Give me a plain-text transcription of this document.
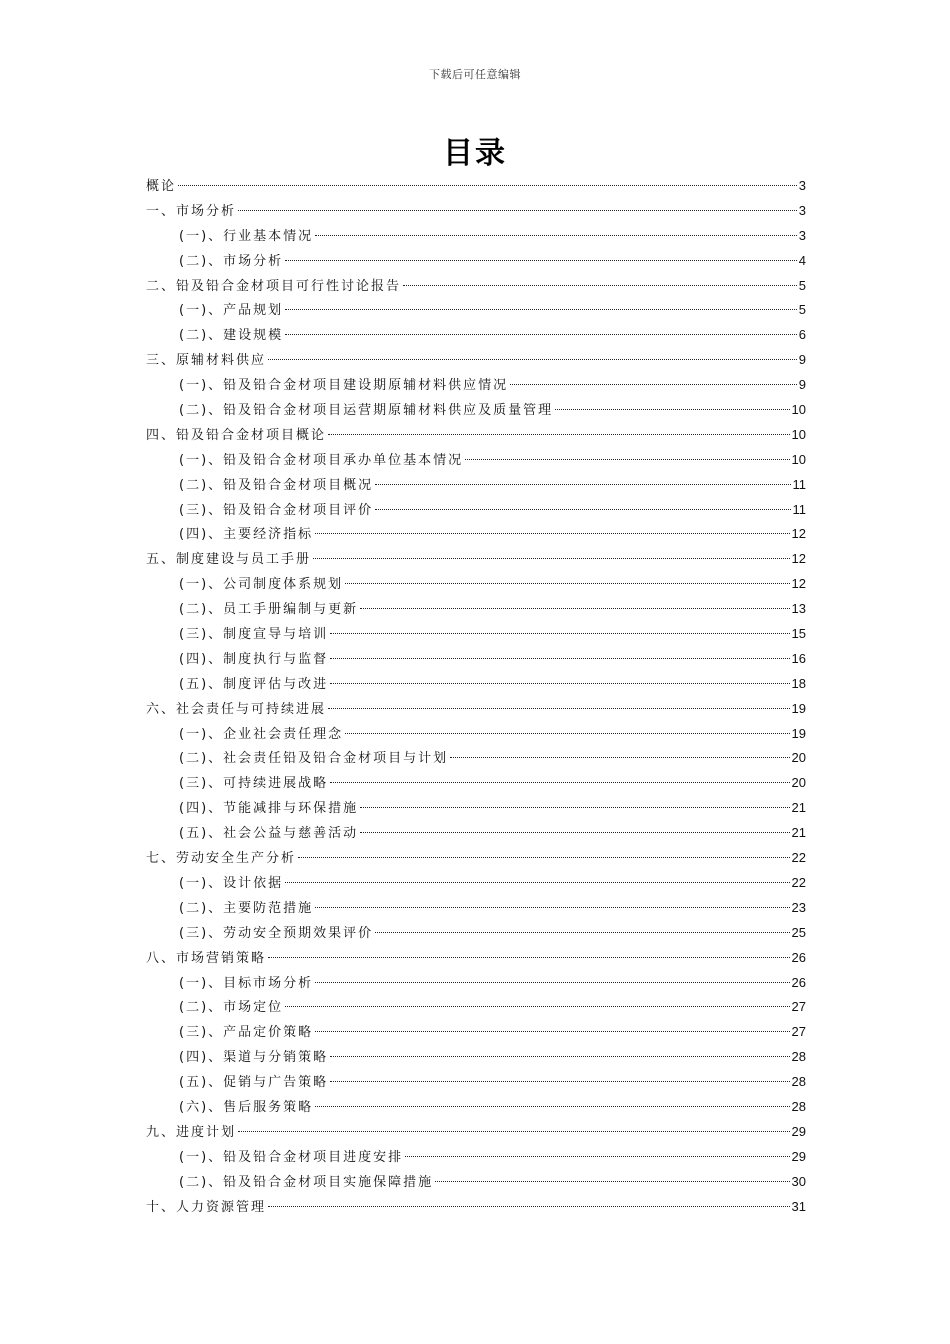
下载后可任意编辑
目录
概论	3
一、市场分析	3
(一)、行业基本情况	3
(二)、市场分析	4
二、铅及铅合金材项目可行性讨论报告	5
(一)、产品规划	5
(二)、建设规模	6
三、原辅材料供应	9
(一)、铅及铅合金材项目建设期原辅材料供应情况	9
(二)、铅及铅合金材项目运营期原辅材料供应及质量管理	10
四、铅及铅合金材项目概论	10
(一)、铅及铅合金材项目承办单位基本情况	10
(二)、铅及铅合金材项目概况	11
(三)、铅及铅合金材项目评价	11
(四)、主要经济指标	12
五、制度建设与员工手册	12
(一)、公司制度体系规划	12
(二)、员工手册编制与更新	13
(三)、制度宣导与培训	15
(四)、制度执行与监督	16
(五)、制度评估与改进	18
六、社会责任与可持续进展	19
(一)、企业社会责任理念	19
(二)、社会责任铅及铅合金材项目与计划	20
(三)、可持续进展战略	20
(四)、节能减排与环保措施	21
(五)、社会公益与慈善活动	21
七、劳动安全生产分析	22
(一)、设计依据	22
(二)、主要防范措施	23
(三)、劳动安全预期效果评价	25
八、市场营销策略	26
(一)、目标市场分析	26
(二)、市场定位	27
(三)、产品定价策略	27
(四)、渠道与分销策略	28
(五)、促销与广告策略	28
(六)、售后服务策略	28
九、进度计划	29
(一)、铅及铅合金材项目进度安排	29
(二)、铅及铅合金材项目实施保障措施	30
十、人力资源管理	31
